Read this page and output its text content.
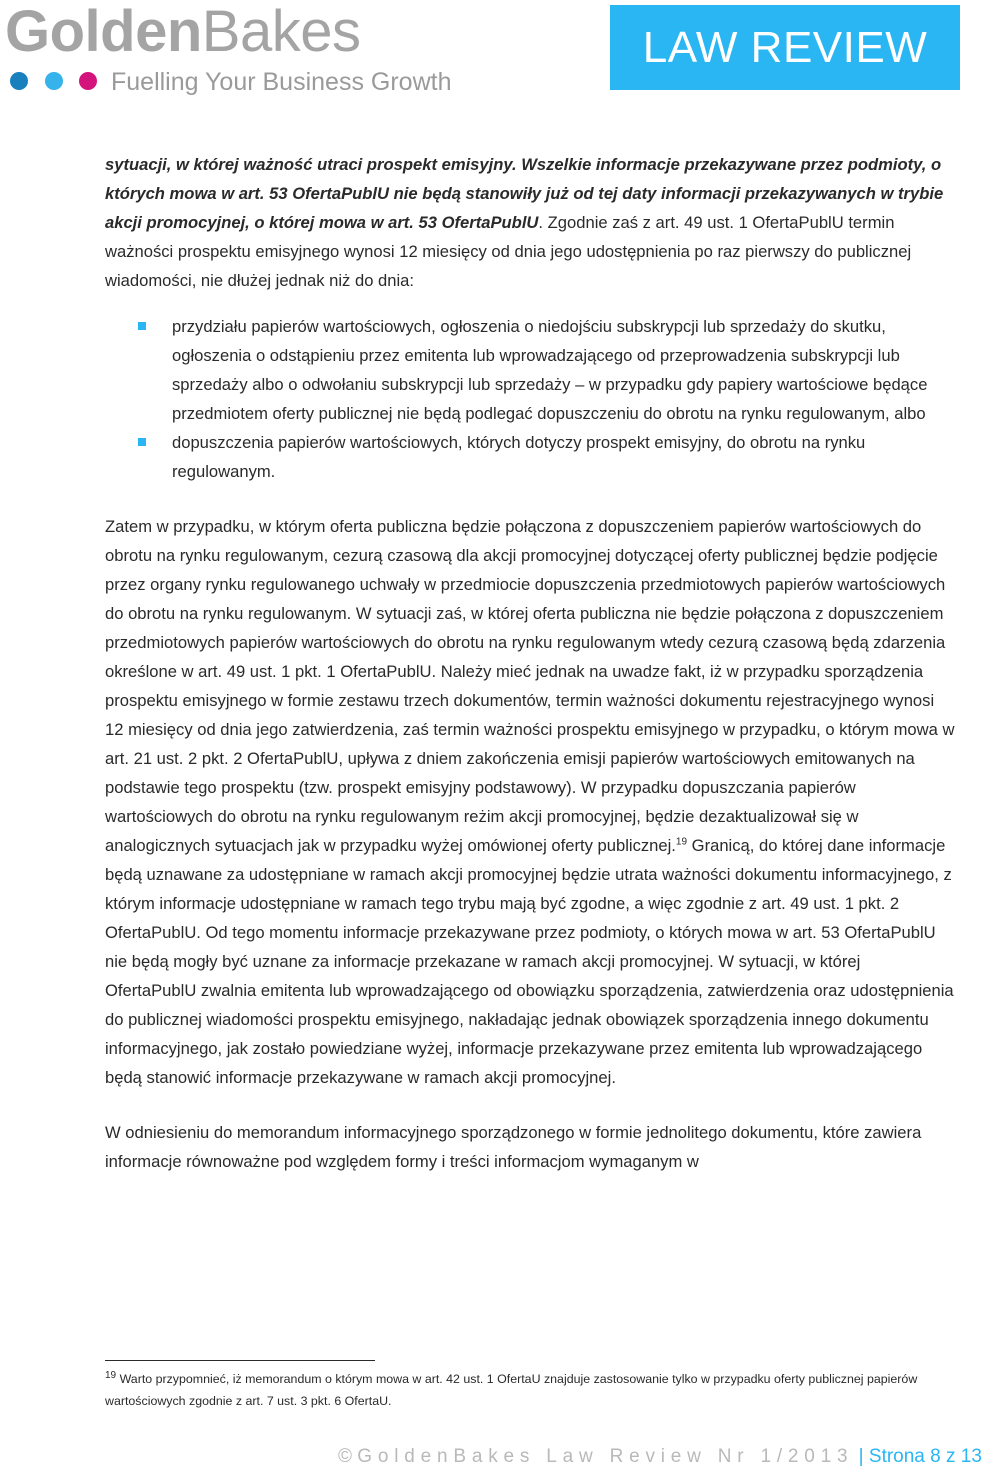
GoldenBakes
Fuelling Your Business Growth
LAW REVIEW

sytuacji, w której ważność utraci prospekt emisyjny. Wszelkie informacje przekazywane przez podmioty, o których mowa w art. 53 OfertaPublU nie będą stanowiły już od tej daty informacji przekazywanych w trybie akcji promocyjnej, o której mowa w art. 53 OfertaPublU. Zgodnie zaś z art. 49 ust. 1 OfertaPublU termin ważności prospektu emisyjnego wynosi 12 miesięcy od dnia jego udostępnienia po raz pierwszy do publicznej wiadomości, nie dłużej jednak niż do dnia:

przydziału papierów wartościowych, ogłoszenia o niedojściu subskrypcji lub sprzedaży do skutku, ogłoszenia o odstąpieniu przez emitenta lub wprowadzającego od przeprowadzenia subskrypcji lub sprzedaży albo o odwołaniu subskrypcji lub sprzedaży – w przypadku gdy papiery wartościowe będące przedmiotem oferty publicznej nie będą podlegać dopuszczeniu do obrotu na rynku regulowanym, albo
dopuszczenia papierów wartościowych, których dotyczy prospekt emisyjny, do obrotu na rynku regulowanym.

Zatem w przypadku, w którym oferta publiczna będzie połączona z dopuszczeniem papierów wartościowych do obrotu na rynku regulowanym, cezurą czasową dla akcji promocyjnej dotyczącej oferty publicznej będzie podjęcie przez organy rynku regulowanego uchwały w przedmiocie dopuszczenia przedmiotowych papierów wartościowych do obrotu na rynku regulowanym. W sytuacji zaś, w której oferta publiczna nie będzie połączona z dopuszczeniem przedmiotowych papierów wartościowych do obrotu na rynku regulowanym wtedy cezurą czasową będą zdarzenia określone w art. 49 ust. 1 pkt. 1 OfertaPublU. Należy mieć jednak na uwadze fakt, iż w przypadku sporządzenia prospektu emisyjnego w formie zestawu trzech dokumentów, termin ważności dokumentu rejestracyjnego wynosi 12 miesięcy od dnia jego zatwierdzenia, zaś termin ważności prospektu emisyjnego w przypadku, o którym mowa w art. 21 ust. 2 pkt. 2 OfertaPublU, upływa z dniem zakończenia emisji papierów wartościowych emitowanych na podstawie tego prospektu (tzw. prospekt emisyjny podstawowy). W przypadku dopuszczania papierów wartościowych do obrotu na rynku regulowanym reżim akcji promocyjnej, będzie dezaktualizował się w analogicznych sytuacjach jak w przypadku wyżej omówionej oferty publicznej.$^{19}$ Granicą, do której dane informacje będą uznawane za udostępniane w ramach akcji promocyjnej będzie utrata ważności dokumentu informacyjnego, z którym informacje udostępniane w ramach tego trybu mają być zgodne, a więc zgodnie z art. 49 ust. 1 pkt. 2 OfertaPublU. Od tego momentu informacje przekazywane przez podmioty, o których mowa w art. 53 OfertaPublU nie będą mogły być uznane za informacje przekazane w ramach akcji promocyjnej. W sytuacji, w której OfertaPublU zwalnia emitenta lub wprowadzającego od obowiązku sporządzenia, zatwierdzenia oraz udostępnienia do publicznej wiadomości prospektu emisyjnego, nakładając jednak obowiązek sporządzenia innego dokumentu informacyjnego, jak zostało powiedziane wyżej, informacje przekazywane przez emitenta lub wprowadzającego będą stanowić informacje przekazywane w ramach akcji promocyjnej.

W odniesieniu do memorandum informacyjnego sporządzonego w formie jednolitego dokumentu, które zawiera informacje równoważne pod względem formy i treści informacjom wymaganym w

$^{19}$ Warto przypomnieć, iż memorandum o którym mowa w art. 42 ust. 1 OfertaU znajduje zastosowanie tylko w przypadku oferty publicznej papierów wartościowych zgodnie z art. 7 ust. 3 pkt. 6 OfertaU.
© GoldenBakes Law Review Nr 1/2013 | Strona 8 z 13
